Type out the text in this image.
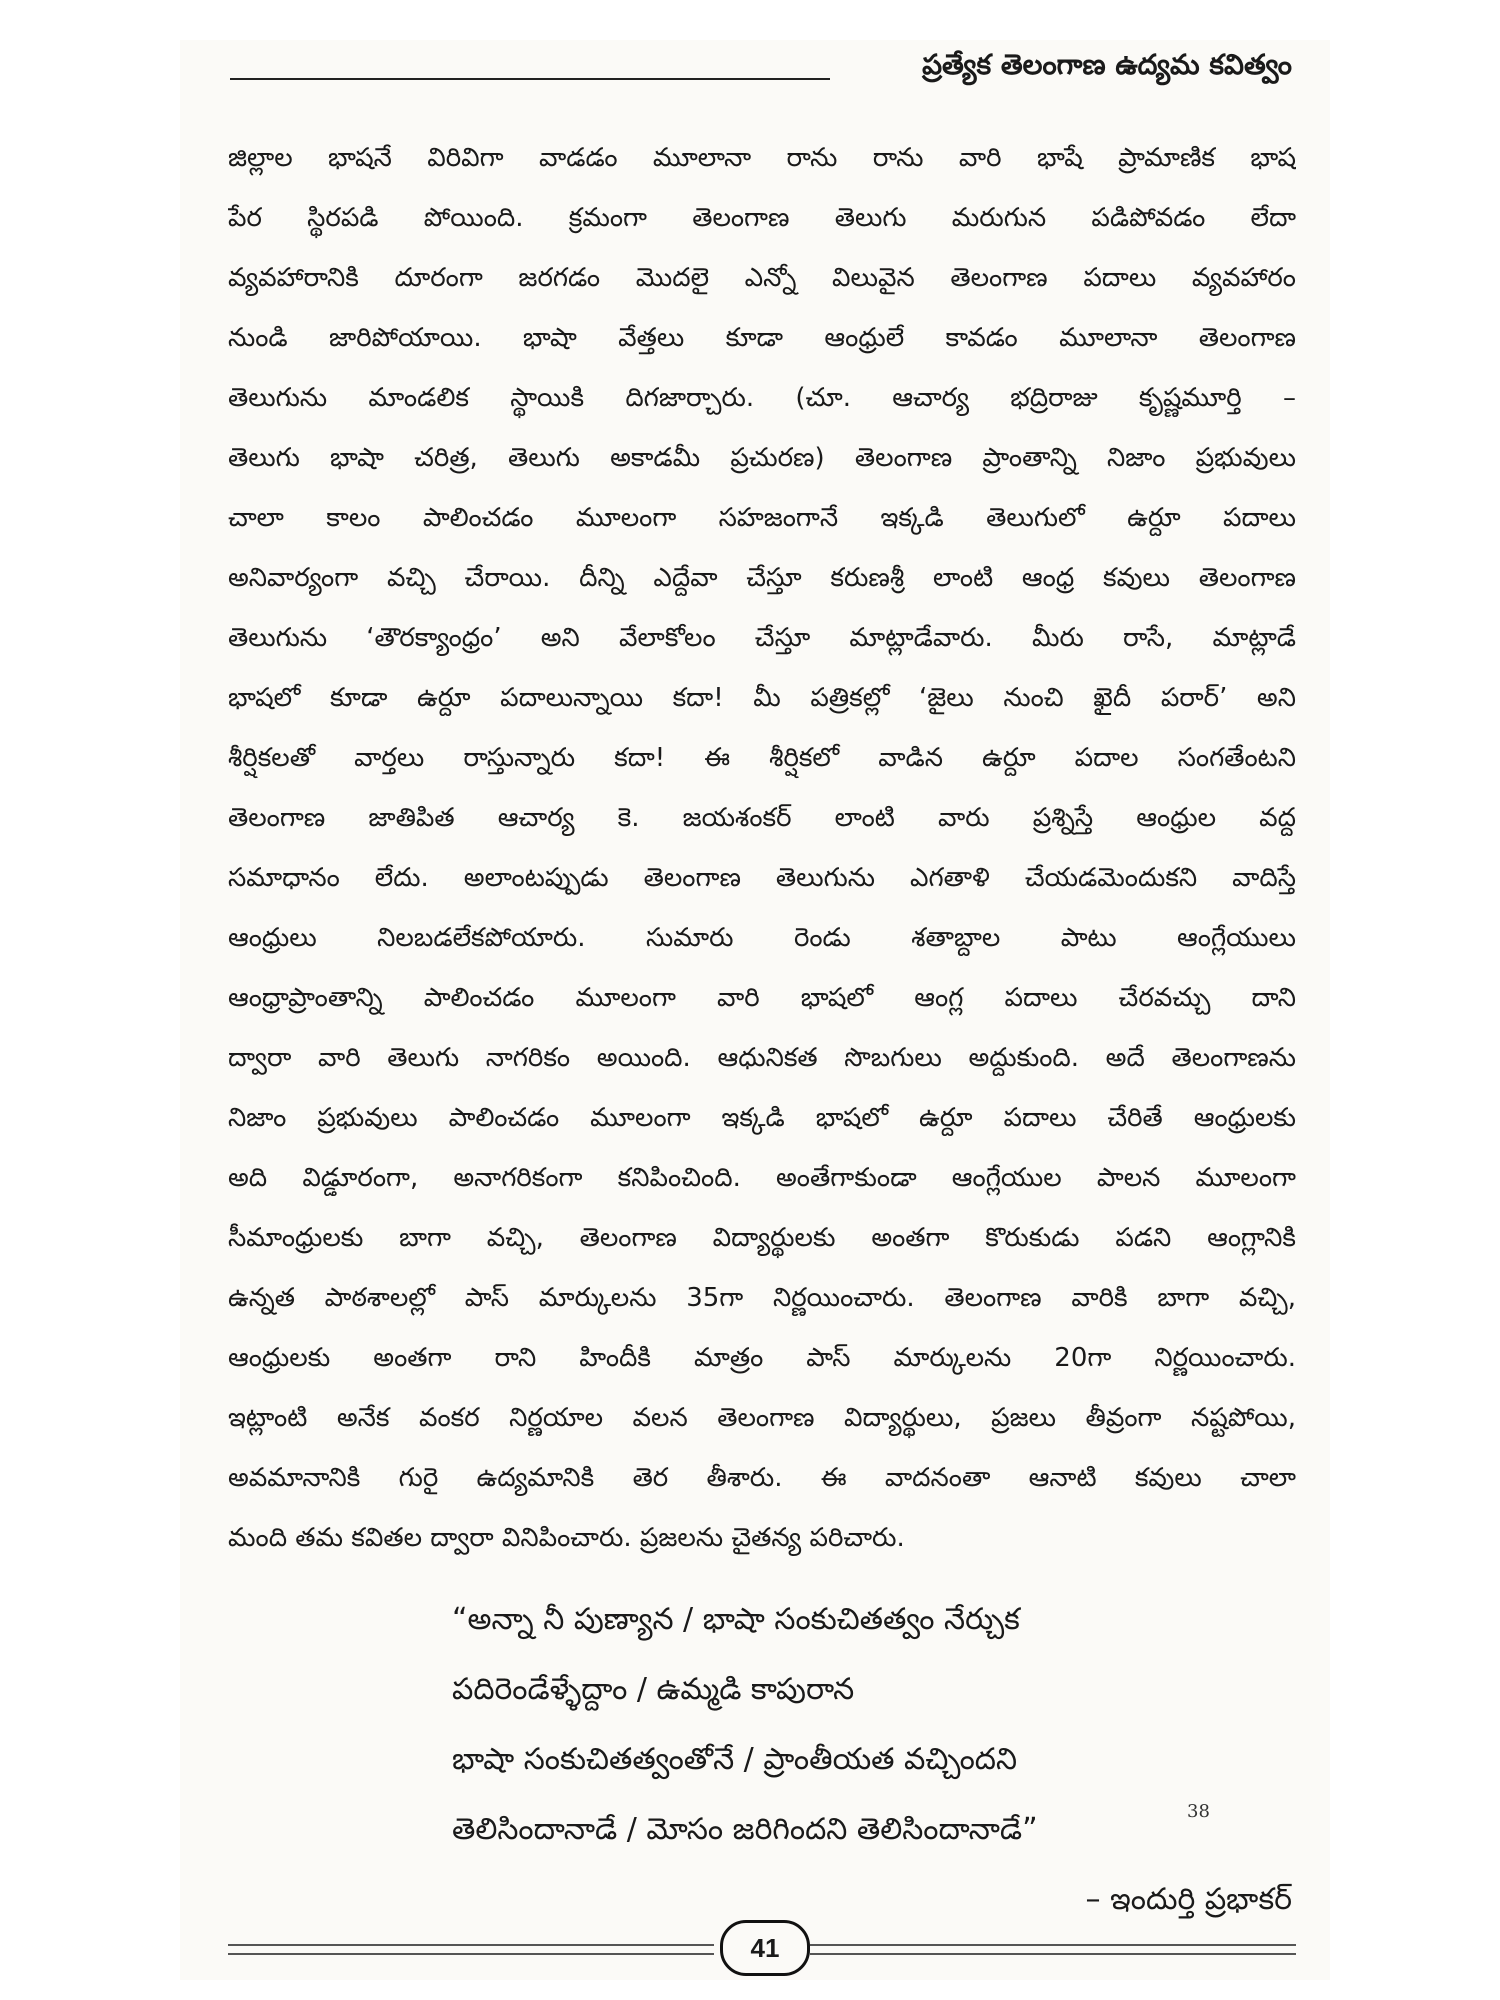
ప్రత్యేక తెలంగాణ ఉద్యమ కవిత్వం
జిల్లాల భాషనే విరివిగా వాడడం మూలానా రాను రాను వారి భాషే ప్రామాణిక భాష
పేర స్థిరపడి పోయింది. క్రమంగా తెలంగాణ తెలుగు మరుగున పడిపోవడం లేదా
వ్యవహారానికి దూరంగా జరగడం మొదలై ఎన్నో విలువైన తెలంగాణ పదాలు వ్యవహారం
నుండి జారిపోయాయి. భాషా వేత్తలు కూడా ఆంధ్రులే కావడం మూలానా తెలంగాణ
తెలుగును మాండలిక స్థాయికి దిగజార్చారు. (చూ. ఆచార్య భద్రిరాజు కృష్ణమూర్తి –
తెలుగు భాషా చరిత్ర, తెలుగు అకాడమీ ప్రచురణ) తెలంగాణ ప్రాంతాన్ని నిజాం ప్రభువులు
చాలా కాలం పాలించడం మూలంగా సహజంగానే ఇక్కడి తెలుగులో ఉర్దూ పదాలు
అనివార్యంగా వచ్చి చేరాయి. దీన్ని ఎద్దేవా చేస్తూ కరుణశ్రీ లాంటి ఆంధ్ర కవులు తెలంగాణ
తెలుగును ‘తౌరక్యాంధ్రం’ అని వేలాకోలం చేస్తూ మాట్లాడేవారు. మీరు రాసే, మాట్లాడే
భాషలో కూడా ఉర్దూ పదాలున్నాయి కదా! మీ పత్రికల్లో ‘జైలు నుంచి ఖైదీ పరార్’ అని
శీర్షికలతో వార్తలు రాస్తున్నారు కదా! ఈ శీర్షికలో వాడిన ఉర్దూ పదాల సంగతేంటని
తెలంగాణ జాతిపిత ఆచార్య కె. జయశంకర్ లాంటి వారు ప్రశ్నిస్తే ఆంధ్రుల వద్ద
సమాధానం లేదు. అలాంటప్పుడు తెలంగాణ తెలుగును ఎగతాళి చేయడమెందుకని వాదిస్తే
ఆంధ్రులు నిలబడలేకపోయారు. సుమారు రెండు శతాబ్దాల పాటు ఆంగ్లేయులు
ఆంధ్రాప్రాంతాన్ని పాలించడం మూలంగా వారి భాషలో ఆంగ్ల పదాలు చేరవచ్చు దాని
ద్వారా వారి తెలుగు నాగరికం అయింది. ఆధునికత సొబగులు అద్దుకుంది. అదే తెలంగాణను
నిజాం ప్రభువులు పాలించడం మూలంగా ఇక్కడి భాషలో ఉర్దూ పదాలు చేరితే ఆంధ్రులకు
అది విడ్డూరంగా, అనాగరికంగా కనిపించింది. అంతేగాకుండా ఆంగ్లేయుల పాలన మూలంగా
సీమాంధ్రులకు బాగా వచ్చి, తెలంగాణ విద్యార్థులకు అంతగా కొరుకుడు పడని ఆంగ్లానికి
ఉన్నత పాఠశాలల్లో పాస్ మార్కులను 35గా నిర్ణయించారు. తెలంగాణ వారికి బాగా వచ్చి,
ఆంధ్రులకు అంతగా రాని హిందీకి మాత్రం పాస్ మార్కులను 20గా నిర్ణయించారు.
ఇట్లాంటి అనేక వంకర నిర్ణయాల వలన తెలంగాణ విద్యార్థులు, ప్రజలు తీవ్రంగా నష్టపోయి,
అవమానానికి గురై ఉద్యమానికి తెర తీశారు. ఈ వాదనంతా ఆనాటి కవులు చాలా
మంది తమ కవితల ద్వారా వినిపించారు. ప్రజలను చైతన్య పరిచారు.
“అన్నా నీ పుణ్యాన / భాషా సంకుచితత్వం నేర్చుక
పదిరెండేళ్ళేద్దాం / ఉమ్మడి కాపురాన
భాషా సంకుచితత్వంతోనే / ప్రాంతీయత వచ్చిందని
తెలిసిందానాడే / మోసం జరిగిందని తెలిసిందానాడే”
38
– ఇందుర్తి ప్రభాకర్
41
